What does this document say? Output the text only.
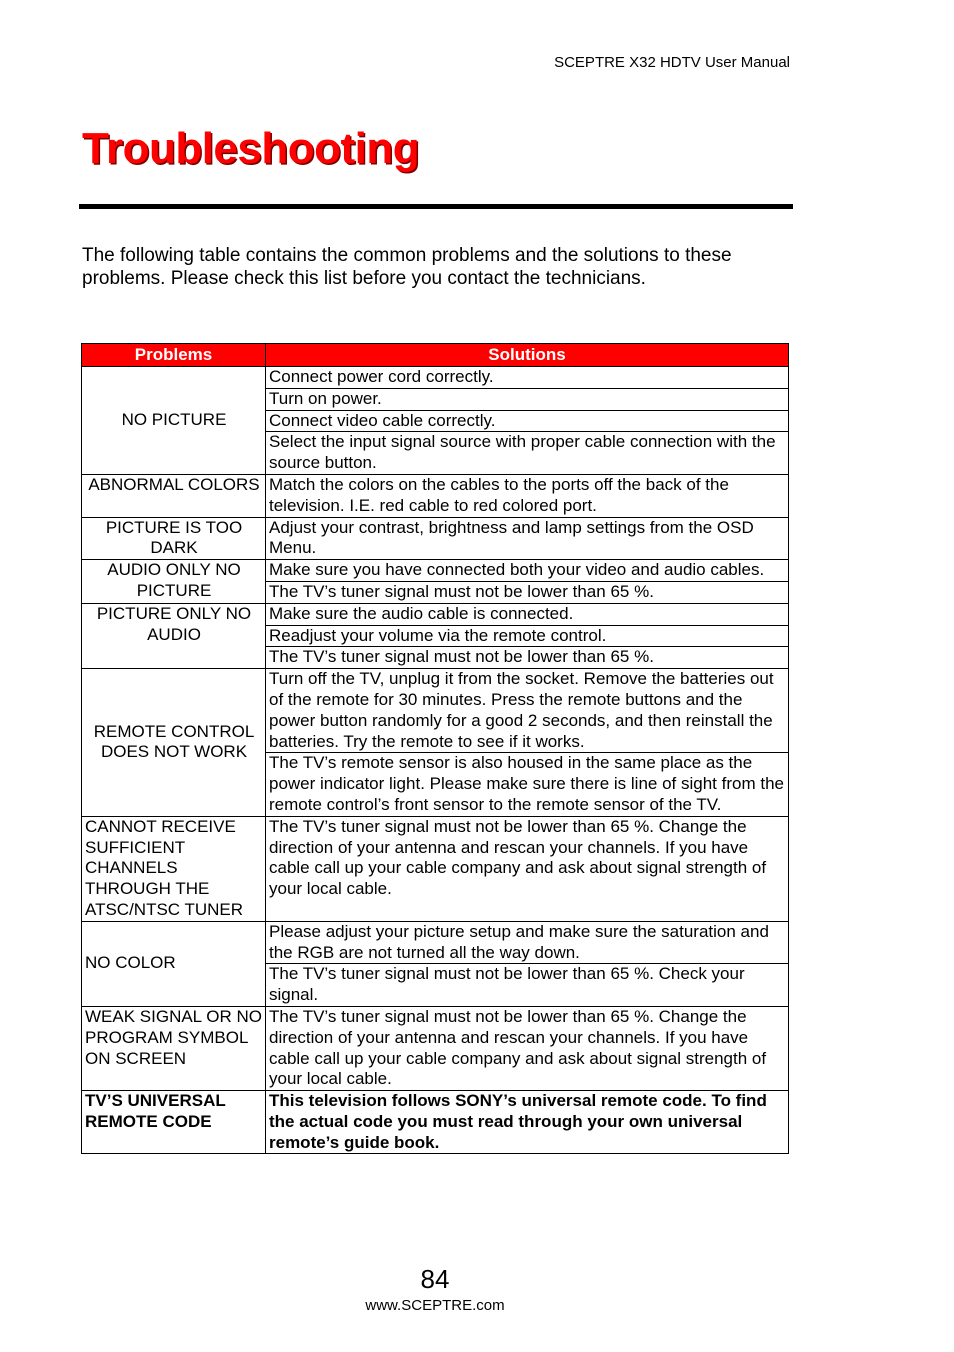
SCEPTRE X32 HDTV User Manual
Troubleshooting

The following table contains the common problems and the solutions to these problems. Please check this list before you contact the technicians.

Problems	Solutions
NO PICTURE	Connect power cord correctly.
	Turn on power.
	Connect video cable correctly.
	Select the input signal source with proper cable connection with the source button.
ABNORMAL COLORS	Match the colors on the cables to the ports off the back of the television. I.E. red cable to red colored port.
PICTURE IS TOO DARK	Adjust your contrast, brightness and lamp settings from the OSD Menu.
AUDIO ONLY NO PICTURE	Make sure you have connected both your video and audio cables.
	The TV’s tuner signal must not be lower than 65 %.
PICTURE ONLY NO AUDIO	Make sure the audio cable is connected.
	Readjust your volume via the remote control.
	The TV’s tuner signal must not be lower than 65 %.
REMOTE CONTROL DOES NOT WORK	Turn off the TV, unplug it from the socket. Remove the batteries out of the remote for 30 minutes. Press the remote buttons and the power button randomly for a good 2 seconds, and then reinstall the batteries. Try the remote to see if it works.
	The TV’s remote sensor is also housed in the same place as the power indicator light. Please make sure there is line of sight from the remote control’s front sensor to the remote sensor of the TV.
CANNOT RECEIVE SUFFICIENT CHANNELS THROUGH THE ATSC/NTSC TUNER	The TV’s tuner signal must not be lower than 65 %. Change the direction of your antenna and rescan your channels. If you have cable call up your cable company and ask about signal strength of your local cable.
NO COLOR	Please adjust your picture setup and make sure the saturation and the RGB are not turned all the way down.
	The TV’s tuner signal must not be lower than 65 %. Check your signal.
WEAK SIGNAL OR NO PROGRAM SYMBOL ON SCREEN	The TV’s tuner signal must not be lower than 65 %. Change the direction of your antenna and rescan your channels. If you have cable call up your cable company and ask about signal strength of your local cable.
TV’S UNIVERSAL REMOTE CODE	This television follows SONY’s universal remote code. To find the actual code you must read through your own universal remote’s guide book.
84
www.SCEPTRE.com
